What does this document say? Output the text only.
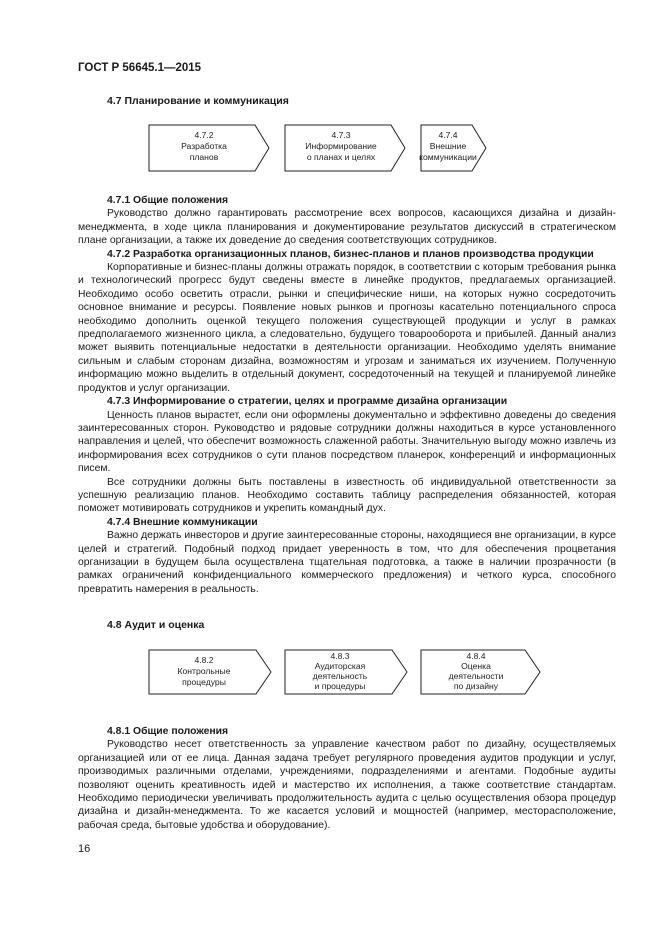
ГОСТ Р 56645.1—2015
4.7 Планирование и коммуникация
4.7.2
Разработка
планов
4.7.3
Информирование
о планах и целях
4.7.4
Внешние
коммуникации

4.7.1 Общие положения

Руководство должно гарантировать рассмотрение всех вопросов, касающихся дизайна и дизайн-менеджмента, в ходе цикла планирования и документирование результатов дискуссий в стратегическом плане организации, а также их доведение до сведения соответствующих сотрудников.

4.7.2 Разработка организационных планов, бизнес-планов и планов производства продукции

Корпоративные и бизнес-планы должны отражать порядок, в соответствии с которым требования рынка и технологический прогресс будут сведены вместе в линейке продуктов, предлагаемых организацией. Необходимо особо осветить отрасли, рынки и специфические ниши, на которых нужно сосредоточить основное внимание и ресурсы. Появление новых рынков и прогнозы касательно потенциального спроса необходимо дополнить оценкой текущего положения существующей продукции и услуг в рамках предполагаемого жизненного цикла, а следовательно, будущего товарооборота и прибылей. Данный анализ может выявить потенциальные недостатки в деятельности организации. Необходимо уделять внимание сильным и слабым сторонам дизайна, возможностям и угрозам и заниматься их изучением. Полученную информацию можно выделить в отдельный документ, сосредоточенный на текущей и планируемой линейке продуктов и услуг организации.

4.7.3 Информирование о стратегии, целях и программе дизайна организации

Ценность планов вырастет, если они оформлены документально и эффективно доведены до сведения заинтересованных сторон. Руководство и рядовые сотрудники должны находиться в курсе установленного направления и целей, что обеспечит возможность слаженной работы. Значительную выгоду можно извлечь из информирования всех сотрудников о сути планов посредством планерок, конференций и информационных писем.

Все сотрудники должны быть поставлены в известность об индивидуальной ответственности за успешную реализацию планов. Необходимо составить таблицу распределения обязанностей, которая поможет мотивировать сотрудников и укрепить командный дух.

4.7.4 Внешние коммуникации

Важно держать инвесторов и другие заинтересованные стороны, находящиеся вне организации, в курсе целей и стратегий. Подобный подход придает уверенность в том, что для обеспечения процветания организации в будущем была осуществлена тщательная подготовка, а также в наличии прозрачности (в рамках ограничений конфиденциального коммерческого предложения) и четкого курса, способного превратить намерения в реальность.

4.8 Аудит и оценка
4.8.2
Контрольные
процедуры
4.8.3
Аудиторская
деятельность
и процедуры
4.8.4
Оценка
деятельности
по дизайну

4.8.1 Общие положения

Руководство несет ответственность за управление качеством работ по дизайну, осуществляемых организацией или от ее лица. Данная задача требует регулярного проведения аудитов продукции и услуг, производимых различными отделами, учреждениями, подразделениями и агентами. Подобные аудиты позволяют оценить креативность идей и мастерство их исполнения, а также соответствие стандартам. Необходимо периодически увеличивать продолжительность аудита с целью осуществления обзора процедур дизайна и дизайн-менеджмента. То же касается условий и мощностей (например, месторасположение, рабочая среда, бытовые удобства и оборудование).

16
